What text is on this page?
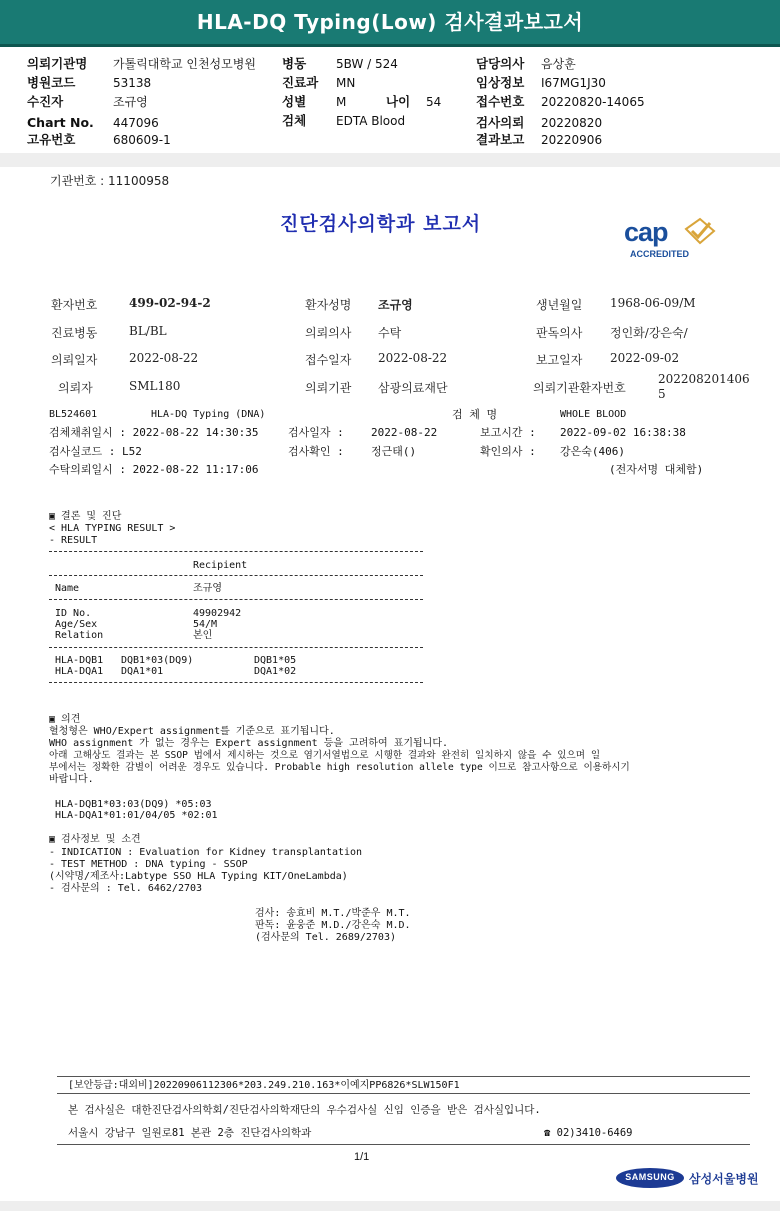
HLA-DQ Typing(Low) 검사결과보고서
의뢰기관명 가톨릭대학교 인천성모병원 병동 5BW / 524	담당의사 음상훈
병원코드	53138	진료과 MN	임상정보 I67MG1J30
수진자	조규영	성별 M	나이 54	접수번호 20220820-14065
Chart No. 447096	검체 EDTA Blood	검사의뢰 20220820
고유번호	680609-1	결과보고 20220906
기관번호 : 11100958
진단검사의학과 보고서	cap
ACCREDITED
환자번호	499-02-94-2	환자성명 조규영	생년월일 1968-06-09/M
진료병동	BL/BL	의뢰의사 수탁	판독의사 정인화/강은숙/
의뢰일자	2022-08-22	접수일자 2022-08-22	보고일자 2022-09-02
의뢰자	SML180	의뢰기관 삼광의료재단	의뢰기관환자번호
202208201406
5
BL524601	HLA-DQ Typing (DNA)	검 체 명	WHOLE BLOOD
검체채취일시 : 2022-08-22 14:30:35	검사일자 : 2022-08-22	보고시간 : 2022-09-02 16:38:38
검사실코드 : L52	검사확인 : 정근태()	확인의사 : 강은숙(406)
수탁의뢰일시 : 2022-08-22 11:17:06	(전자서명 대체함)
▣ 결론 및 진단
< HLA TYPING RESULT >
- RESULT
Recipient
Name	조규영
ID No.	49902942
Age/Sex	54/M
Relation	본인
HLA-DQB1 DQB1*03(DQ9)	DQB1*05
HLA-DQA1 DQA1*01	DQA1*02
▣ 의견
혈청형은 WHO/Expert assignment를 기준으로 표기됩니다.
WHO assignment 가 없는 경우는 Expert assignment 등을 고려하여 표기됩니다.
아래 고해상도 결과는 본 SSOP 법에서 제시하는 것으로 염기서열법으로 시행한 결과와 완전히 일치하지 않을 수 있으며 일
부에서는 정확한 감별이 어려운 경우도 있습니다. Probable high resolution allele type 이므로 참고사항으로 이용하시기
바랍니다.
HLA-DQB1*03:03(DQ9) *05:03
HLA-DQA1*01:01/04/05 *02:01
▣ 검사정보 및 소견
- INDICATION : Evaluation for Kidney transplantation
- TEST METHOD : DNA typing - SSOP
(시약명/제조사:Labtype SSO HLA Typing KIT/OneLambda)
- 검사문의 : Tel. 6462/2703
검사: 송효비 M.T./박준우 M.T.
판독: 윤웅준 M.D./강은숙 M.D.
(검사문의 Tel. 2689/2703)
[보안등급:대외비]20220906112306*203.249.210.163*이예지PP6826*SLW150F1
본 검사실은 대한진단검사의학회/진단검사의학재단의 우수검사실 신임 인증을 받은 검사실입니다.
서울시 강남구 일원로81 본관 2층 진단검사의학과	☎ 02)3410-6469
1/1
SAMSUNG	삼성서울병원
